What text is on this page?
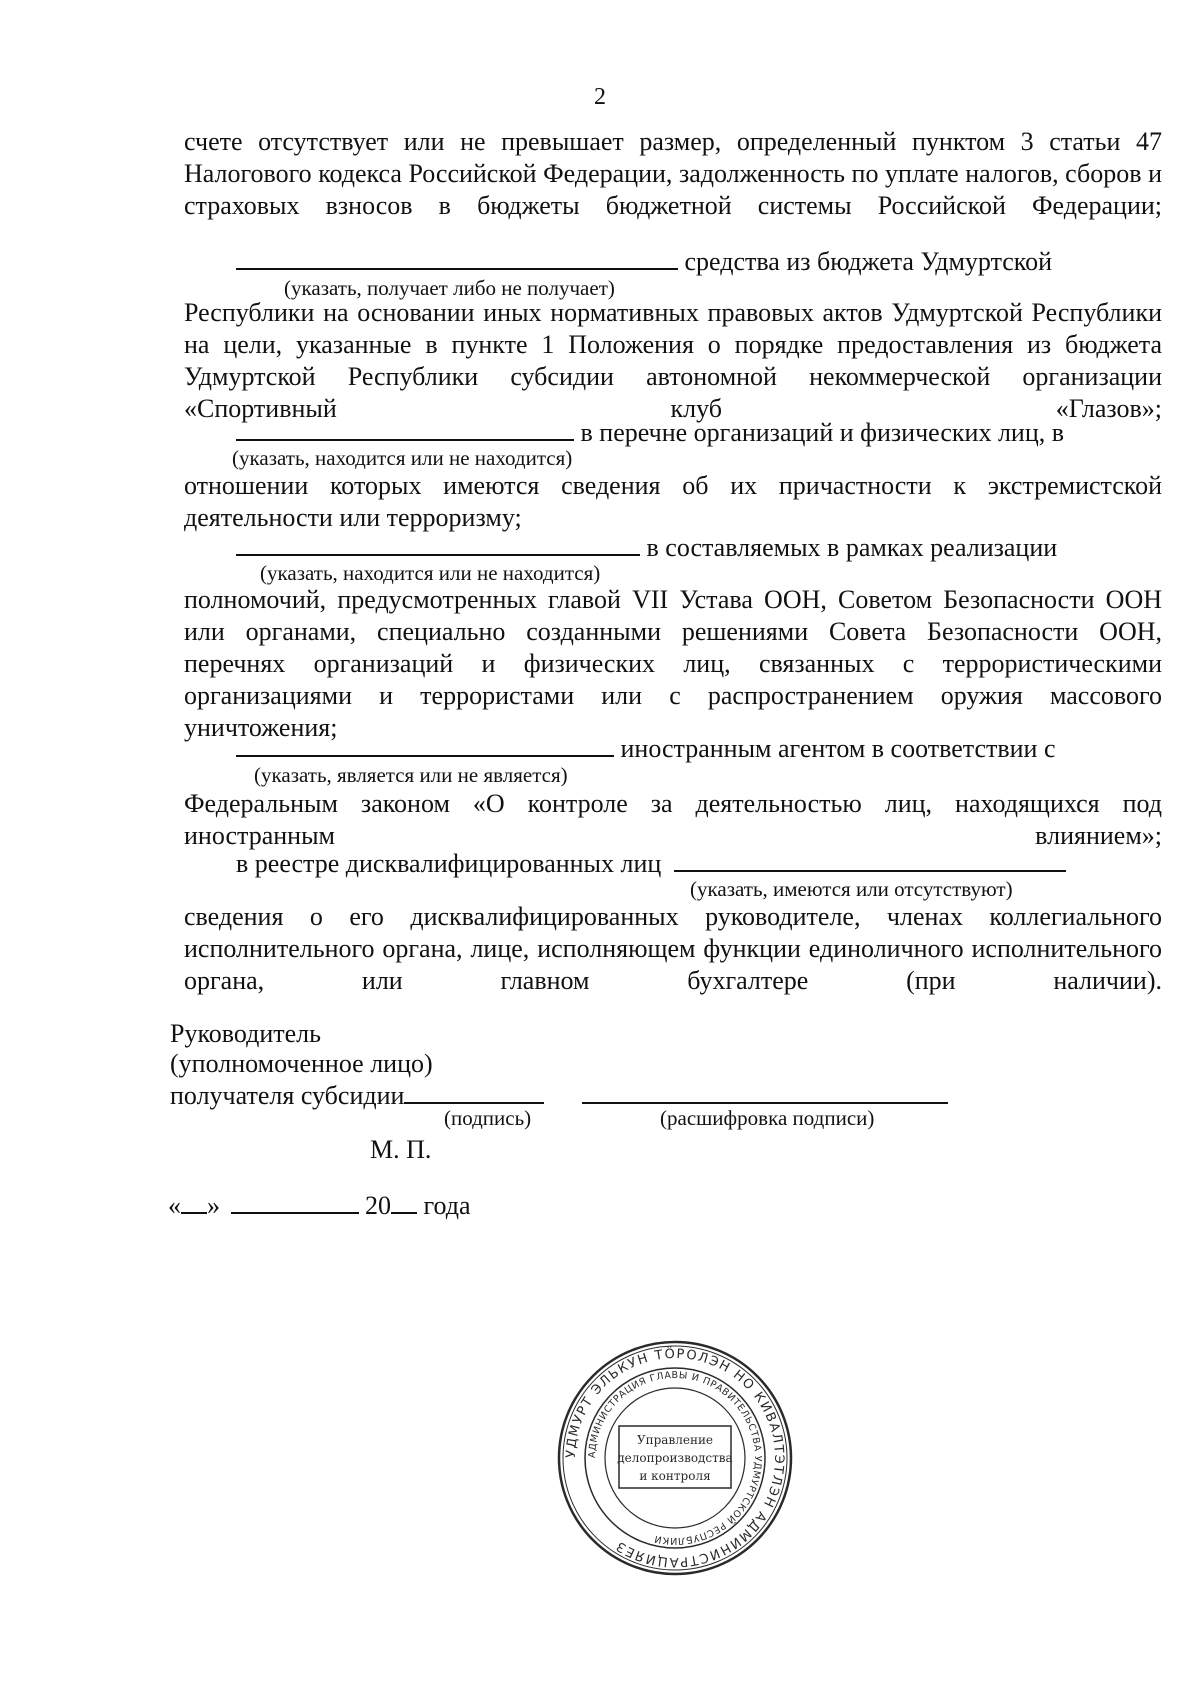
2
счете отсутствует или не превышает размер, определенный пунктом 3 статьи 47 Налогового кодекса Российской Федерации, задолженность по уплате налогов, сборов и страховых взносов в бюджеты бюджетной системы Российской Федерации;
средства из бюджета Удмуртской
(указать, получает либо не получает)
Республики на основании иных нормативных правовых актов Удмуртской Республики на цели, указанные в пункте 1 Положения о порядке предоставления из бюджета Удмуртской Республики субсидии автономной некоммерческой организации «Спортивный клуб «Глазов»;
в перечне организаций и физических лиц, в
(указать, находится или не находится)
отношении которых имеются сведения об их причастности к экстремистской деятельности или терроризму;
в составляемых в рамках реализации
(указать, находится или не находится)
полномочий, предусмотренных главой VII Устава ООН, Советом Безопасности ООН или органами, специально созданными решениями Совета Безопасности ООН, перечнях организаций и физических лиц, связанных с террористическими организациями и террористами или с распространением оружия массового уничтожения;
иностранным агентом в соответствии с
(указать, является или не является)
Федеральным законом «О контроле за деятельностью лиц, находящихся под иностранным влиянием»;
в реестре дисквалифицированных лиц
(указать, имеются или отсутствуют)
сведения о его дисквалифицированных руководителе, членах коллегиального исполнительного органа, лице, исполняющем функции единоличного исполнительного органа, или главном бухгалтере (при наличии).
Руководитель
(уполномоченное лицо)
получателя субсидии
(подпись)	(расшифровка подписи)
М. П.
« »	20 года
УДМУРТ ЭЛЬКУН ТӦРОЛЭН НО КИВАЛТЭТЛЭН АДМИНИСТРАЦИЯЕЗ
АДМИНИСТРАЦИЯ ГЛАВЫ И ПРАВИТЕЛЬСТВА УДМУРТСКОЙ РЕСПУБЛИКИ
Управление
делопроизводства
и контроля
